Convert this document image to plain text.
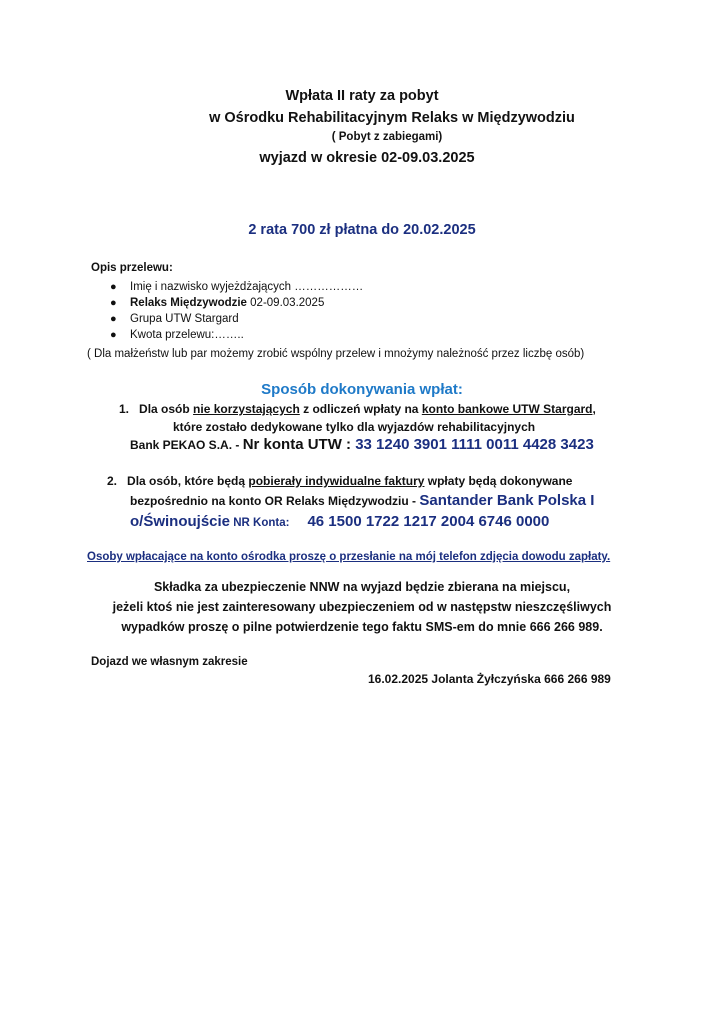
Wpłata II raty za pobyt
w Ośrodku Rehabilitacyjnym Relaks w Międzywodziu
( Pobyt z zabiegami)
wyjazd w okresie 02-09.03.2025
2 rata 700 zł płatna do 20.02.2025
Opis przelewu:
● Imię i nazwisko wyjeżdżających ………………
● Relaks Międzywodzie 02-09.03.2025
● Grupa UTW Stargard
● Kwota przelewu:……..
( Dla małżeństw lub par możemy zrobić wspólny przelew i mnożymy należność przez liczbę osób)
Sposób dokonywania wpłat:
1. Dla osób nie korzystających z odliczeń wpłaty na konto bankowe UTW Stargard,
które zostało dedykowane tylko dla wyjazdów rehabilitacyjnych
Bank PEKAO S.A. - Nr konta UTW : 33 1240 3901 1111 0011 4428 3423
2. Dla osób, które będą pobierały indywidualne faktury wpłaty będą dokonywane
bezpośrednio na konto OR Relaks Międzywodziu - Santander Bank Polska I
o/Świnoujście NR Konta: 46 1500 1722 1217 2004 6746 0000
Osoby wpłacające na konto ośrodka proszę o przesłanie na mój telefon zdjęcia dowodu zapłaty.
Składka za ubezpieczenie NNW na wyjazd będzie zbierana na miejscu,
jeżeli ktoś nie jest zainteresowany ubezpieczeniem od w następstw nieszczęśliwych
wypadków proszę o pilne potwierdzenie tego faktu SMS-em do mnie 666 266 989.
Dojazd we własnym zakresie
16.02.2025 Jolanta Żyłczyńska 666 266 989
